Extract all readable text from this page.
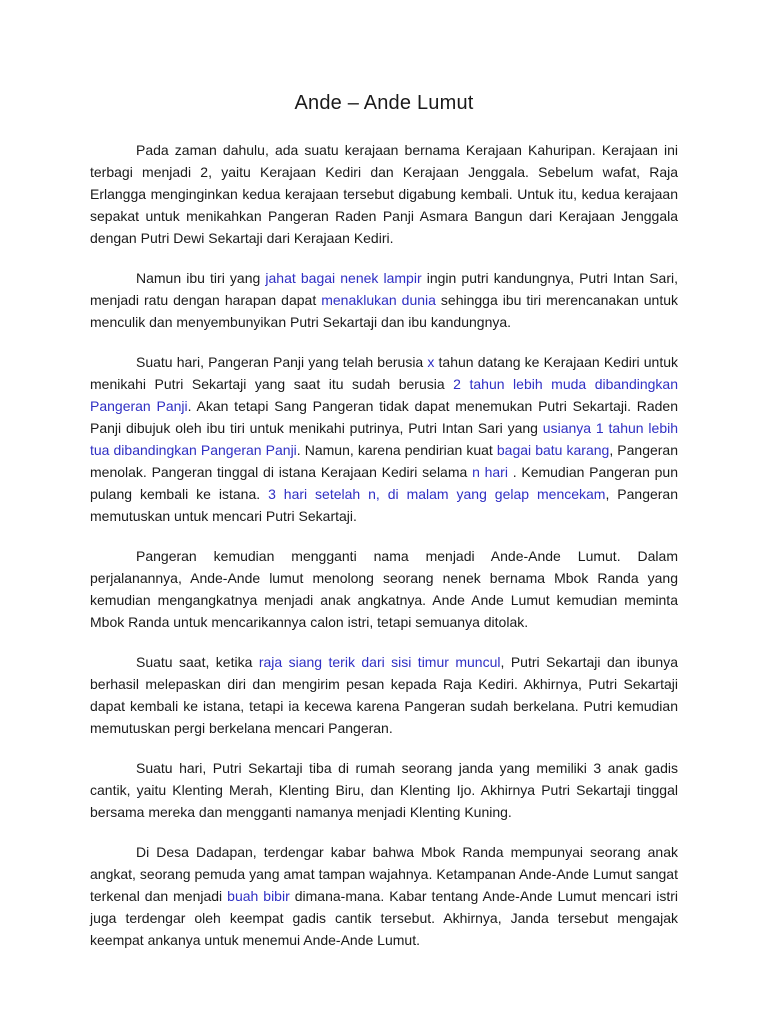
Ande – Ande Lumut

Pada zaman dahulu, ada suatu kerajaan bernama Kerajaan Kahuripan. Kerajaan ini terbagi menjadi 2, yaitu Kerajaan Kediri dan Kerajaan Jenggala. Sebelum wafat, Raja Erlangga menginginkan kedua kerajaan tersebut digabung kembali. Untuk itu, kedua kerajaan sepakat untuk menikahkan Pangeran Raden Panji Asmara Bangun dari Kerajaan Jenggala dengan Putri Dewi Sekartaji dari Kerajaan Kediri.

Namun ibu tiri yang jahat bagai nenek lampir ingin putri kandungnya, Putri Intan Sari, menjadi ratu dengan harapan dapat menaklukan dunia sehingga ibu tiri merencanakan untuk menculik dan menyembunyikan Putri Sekartaji dan ibu kandungnya.

Suatu hari, Pangeran Panji yang telah berusia x tahun datang ke Kerajaan Kediri untuk menikahi Putri Sekartaji yang saat itu sudah berusia 2 tahun lebih muda dibandingkan Pangeran Panji. Akan tetapi Sang Pangeran tidak dapat menemukan Putri Sekartaji. Raden Panji dibujuk oleh ibu tiri untuk menikahi putrinya, Putri Intan Sari yang usianya 1 tahun lebih tua dibandingkan Pangeran Panji. Namun, karena pendirian kuat bagai batu karang, Pangeran menolak. Pangeran tinggal di istana Kerajaan Kediri selama n hari . Kemudian Pangeran pun pulang kembali ke istana. 3 hari setelah n, di malam yang gelap mencekam, Pangeran memutuskan untuk mencari Putri Sekartaji.

Pangeran kemudian mengganti nama menjadi Ande-Ande Lumut. Dalam perjalanannya, Ande-Ande lumut menolong seorang nenek bernama Mbok Randa yang kemudian mengangkatnya menjadi anak angkatnya. Ande Ande Lumut kemudian meminta Mbok Randa untuk mencarikannya calon istri, tetapi semuanya ditolak.

Suatu saat, ketika raja siang terik dari sisi timur muncul, Putri Sekartaji dan ibunya berhasil melepaskan diri dan mengirim pesan kepada Raja Kediri. Akhirnya, Putri Sekartaji dapat kembali ke istana, tetapi ia kecewa karena Pangeran sudah berkelana. Putri kemudian memutuskan pergi berkelana mencari Pangeran.

Suatu hari, Putri Sekartaji tiba di rumah seorang janda yang memiliki 3 anak gadis cantik, yaitu Klenting Merah, Klenting Biru, dan Klenting Ijo. Akhirnya Putri Sekartaji tinggal bersama mereka dan mengganti namanya menjadi Klenting Kuning.

Di Desa Dadapan, terdengar kabar bahwa Mbok Randa mempunyai seorang anak angkat, seorang pemuda yang amat tampan wajahnya. Ketampanan Ande-Ande Lumut sangat terkenal dan menjadi buah bibir dimana-mana. Kabar tentang Ande-Ande Lumut mencari istri juga terdengar oleh keempat gadis cantik tersebut. Akhirnya, Janda tersebut mengajak keempat ankanya untuk menemui Ande-Ande Lumut.
